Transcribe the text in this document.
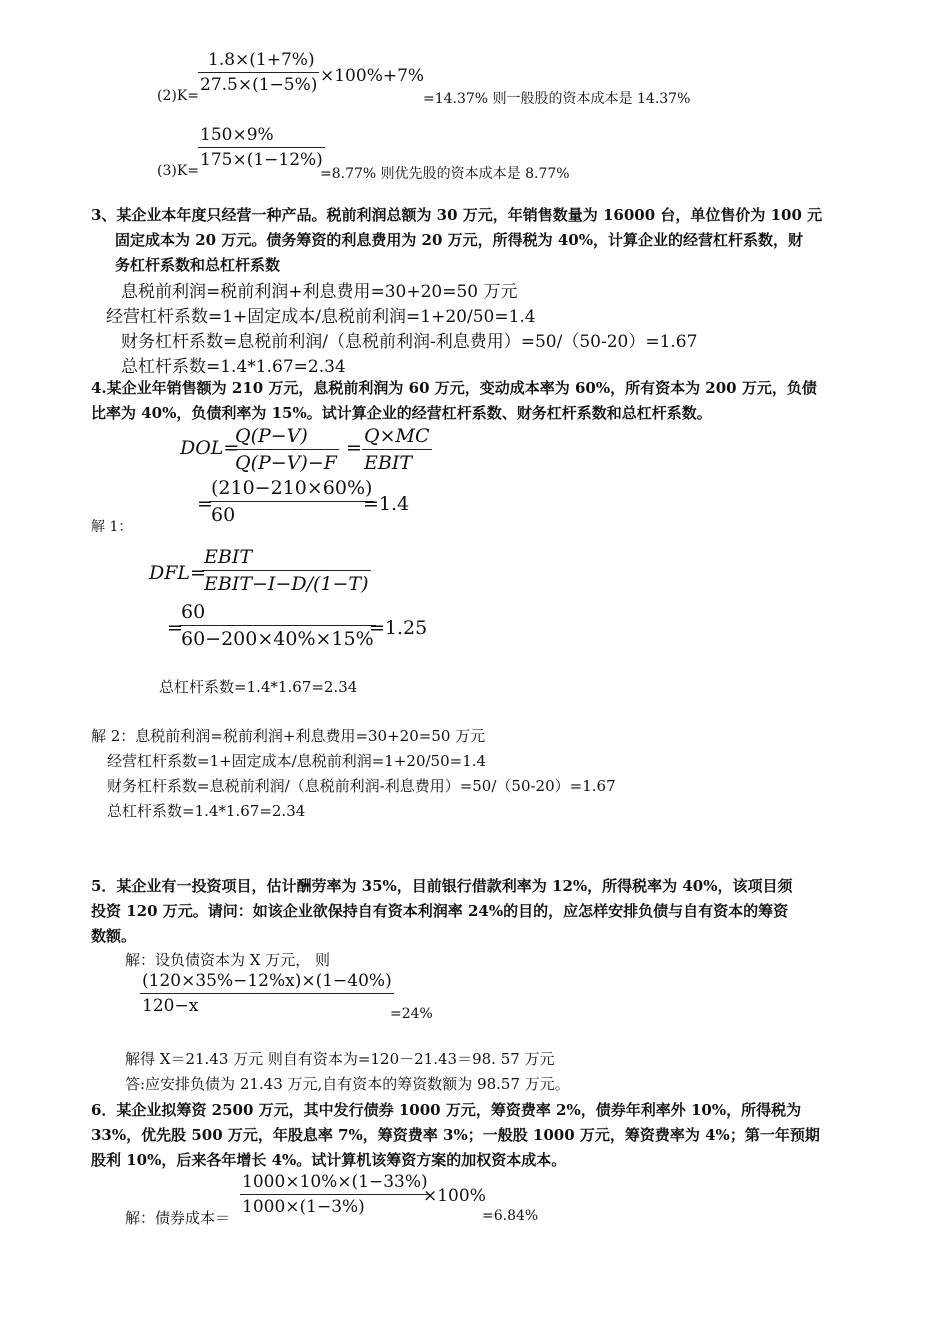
(2)K=
$\frac{1.8\times(1+7\%)}{27.5\times(1-5\%)} \times 100\%+7\%$
=14.37% 则一般股的资本成本是 14.37%
$\frac{150\times 9\%}{175\times(1-12\%)}$
(3)K=	=8.77% 则优先股的资本成本是 8.77%
3、某企业本年度只经营一种产品。税前利润总额为 30 万元，年销售数量为 16000 台，单位售价为 100 元
固定成本为 20 万元。债务筹资的利息费用为 20 万元，所得税为 40%，计算企业的经营杠杆系数，财
务杠杆系数和总杠杆系数
息税前利润=税前利润+利息费用=30+20=50 万元
经营杠杆系数=1+固定成本/息税前利润=1+20/50=1.4
财务杠杆系数=息税前利润/（息税前利润-利息费用）=50/（50-20）=1.67
总杠杆系数=1.4*1.67=2.34
4.某企业年销售额为 210 万元，息税前利润为 60 万元，变动成本率为 60%，所有资本为 200 万元，负债
比率为 40%，负债利率为 15%。试计算企业的经营杠杆系数、财务杠杆系数和总杠杆系数。
DOL=
$\frac{Q(P-V)}{Q(P-V)-F}$ =
Q×MC
EBIT
=
$\frac{(210-210\times 60\%)}{60}$
=1.4
解 1：
DFL=
EBIT
EBIT−I−D/(1−T)
=
$\frac{60}{60-200\times 40\%\times 15\%}$
=1.25
总杠杆系数=1.4*1.67=2.34
解 2：息税前利润=税前利润+利息费用=30+20=50 万元
经营杠杆系数=1+固定成本/息税前利润=1+20/50=1.4
财务杠杆系数=息税前利润/（息税前利润-利息费用）=50/（50-20）=1.67
总杠杆系数=1.4*1.67=2.34
5．某企业有一投资项目，估计酬劳率为 35%，目前银行借款利率为 12%，所得税率为 40%，该项目须
投资 120 万元。请问：如该企业欲保持自有资本利润率 24%的目的，应怎样安排负债与自有资本的筹资
数额。
解：设负债资本为 X 万元， 则
$\frac{(120\times 35\%-12\%x)\times(1-40\%)}{120-x}$
=24%
解得 X＝21.43 万元 则自有资本为=120－21.43＝98. 57 万元
答:应安排负债为 21.43 万元,自有资本的筹资数额为 98.57 万元。
6．某企业拟筹资 2500 万元，其中发行债券 1000 万元，筹资费率 2%，债券年利率外 10%，所得税为
33%，优先股 500 万元，年股息率 7%，筹资费率 3%；一般股 1000 万元，筹资费率为 4%；第一年预期
股利 10%，后来各年增长 4%。试计算机该筹资方案的加权资本成本。
解：债券成本＝
$\frac{1000\times 10\%\times(1-33\%)}{1000\times(1-3\%)}$
×100%
=6.84%
